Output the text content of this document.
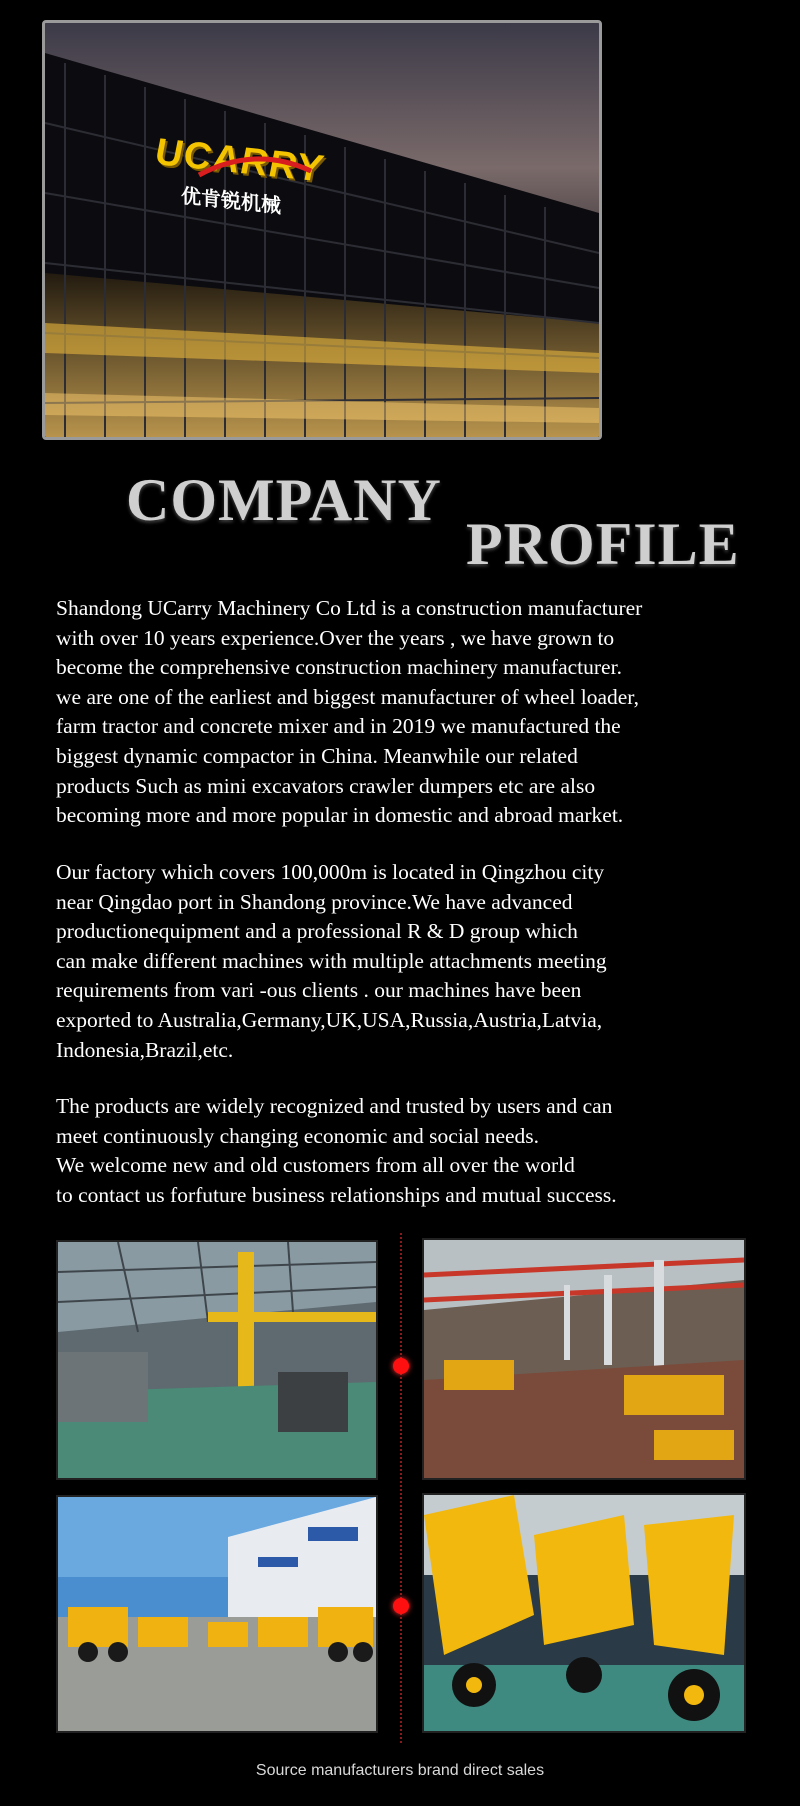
UCARRY
优肯锐机械
COMPANY
PROFILE
Shandong UCarry Machinery Co Ltd is a construction manufacturer
with over 10 years experience.Over the years , we have grown to
become the comprehensive construction machinery manufacturer.
we are one of the earliest and biggest manufacturer of wheel loader,
farm tractor and concrete mixer and in 2019 we manufactured the
biggest dynamic compactor in China. Meanwhile our related
products Such as mini excavators crawler dumpers etc are also
becoming more and more popular in domestic and abroad market.
Our factory which covers 100,000m is located in Qingzhou city
near Qingdao port in Shandong province.We have advanced
productionequipment and a professional R & D group which
can make different machines with multiple attachments meeting
requirements from vari -ous clients . our machines have been
exported to Australia,Germany,UK,USA,Russia,Austria,Latvia,
Indonesia,Brazil,etc.
The products are widely recognized and trusted by users and can
meet continuously changing economic and social needs.
We welcome new and old customers from all over the world
to contact us forfuture business relationships and mutual success.

Source manufacturers brand direct sales
